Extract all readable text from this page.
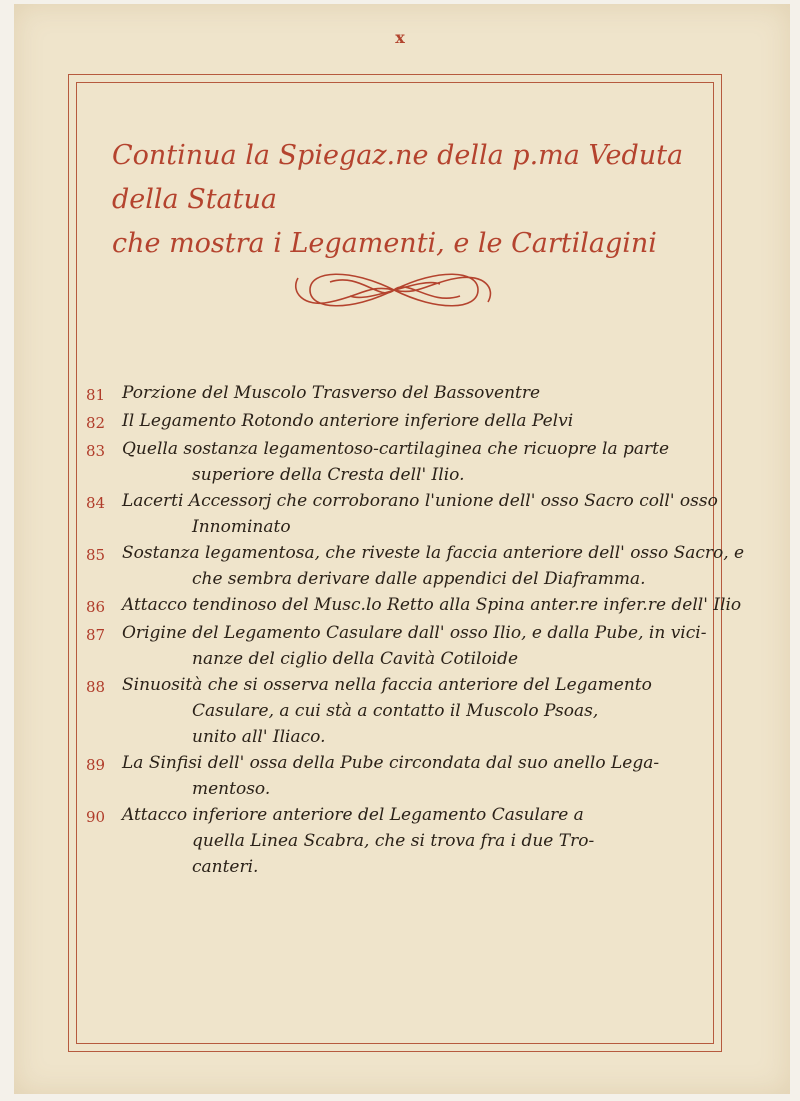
x
Continua la Spiegaz.ne della p.ma Veduta della Statua
che mostra i Legamenti, e le Cartilagini
81 Porzione del Muscolo Trasverso del Bassoventre
82 Il Legamento Rotondo anteriore inferiore della Pelvi
83 Quella sostanza legamentoso-cartilaginea che ricuopre la parte
superiore della Cresta dell' Ilio.
84 Lacerti Accessorj che corroborano l'unione dell' osso Sacro coll' osso
Innominato
85 Sostanza legamentosa, che riveste la faccia anteriore dell' osso Sacro, e
che sembra derivare dalle appendici del Diaframma.
86 Attacco tendinoso del Musc.lo Retto alla Spina anter.re infer.re dell' Ilio
87 Origine del Legamento Casulare dall' osso Ilio, e dalla Pube, in vici-
nanze del ciglio della Cavità Cotiloide
88 Sinuosità che si osserva nella faccia anteriore del Legamento
Casulare, a cui stà a contatto il Muscolo Psoas,
unito all' Iliaco.
89 La Sinfisi dell' ossa della Pube circondata dal suo anello Lega-
mentoso.
90 Attacco inferiore anteriore del Legamento Casulare a
quella Linea Scabra, che si trova fra i due Tro-
canteri.
